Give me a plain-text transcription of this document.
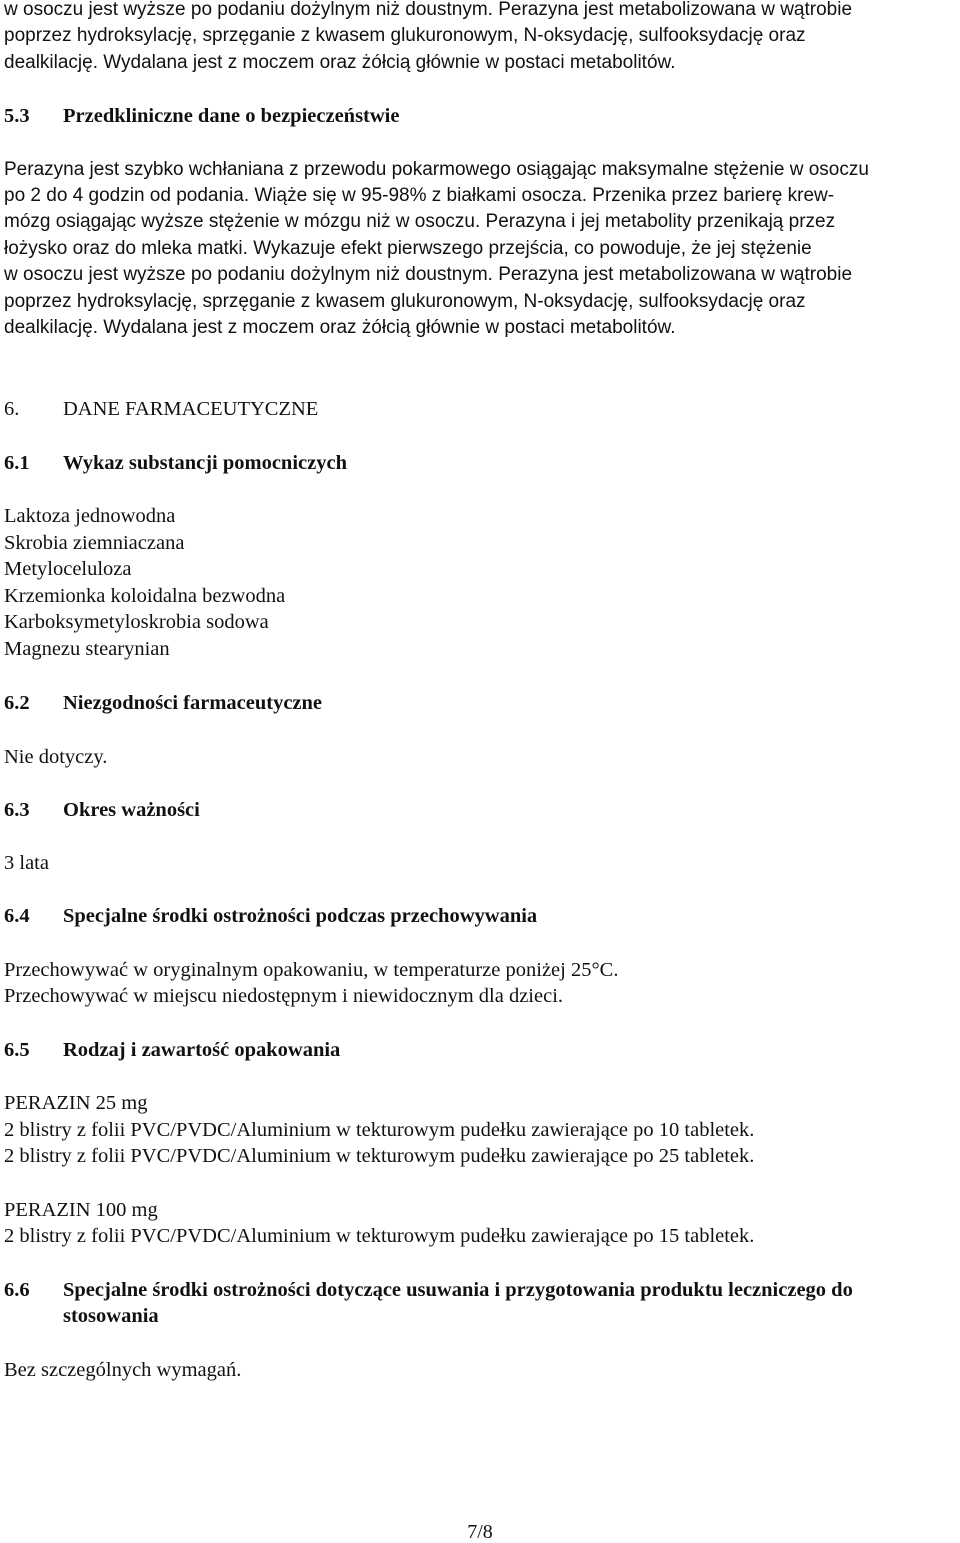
w osoczu jest wyższe po podaniu dożylnym niż doustnym. Perazyna jest metabolizowana w wątrobie

poprzez hydroksylację, sprzęganie z kwasem glukuronowym, N-oksydację, sulfooksydację oraz

dealkilację. Wydalana jest z moczem oraz żółcią głównie w postaci metabolitów.

5.3 Przedkliniczne dane o bezpieczeństwie

Perazyna jest szybko wchłaniana z przewodu pokarmowego osiągając maksymalne stężenie w osoczu

po 2 do 4 godzin od podania. Wiąże się w 95-98% z białkami osocza. Przenika przez barierę krew-

mózg osiągając wyższe stężenie w mózgu niż w osoczu. Perazyna i jej metabolity przenikają przez

łożysko oraz do mleka matki. Wykazuje efekt pierwszego przejścia, co powoduje, że jej stężenie

w osoczu jest wyższe po podaniu dożylnym niż doustnym. Perazyna jest metabolizowana w wątrobie

poprzez hydroksylację, sprzęganie z kwasem glukuronowym, N-oksydację, sulfooksydację oraz

dealkilację. Wydalana jest z moczem oraz żółcią głównie w postaci metabolitów.

6. DANE FARMACEUTYCZNE

6.1 Wykaz substancji pomocniczych

Laktoza jednowodna

Skrobia ziemniaczana

Metyloceluloza

Krzemionka koloidalna bezwodna

Karboksymetyloskrobia sodowa

Magnezu stearynian

6.2 Niezgodności farmaceutyczne

Nie dotyczy.

6.3 Okres ważności

3 lata

6.4 Specjalne środki ostrożności podczas przechowywania

Przechowywać w oryginalnym opakowaniu, w temperaturze poniżej 25°C.

Przechowywać w miejscu niedostępnym i niewidocznym dla dzieci.

6.5 Rodzaj i zawartość opakowania

PERAZIN 25 mg

2 blistry z folii PVC/PVDC/Aluminium w tekturowym pudełku zawierające po 10 tabletek.

2 blistry z folii PVC/PVDC/Aluminium w tekturowym pudełku zawierające po 25 tabletek.

PERAZIN 100 mg

2 blistry z folii PVC/PVDC/Aluminium w tekturowym pudełku zawierające po 15 tabletek.

6.6 Specjalne środki ostrożności dotyczące usuwania i przygotowania produktu leczniczego do

stosowania

Bez szczególnych wymagań.

7/8
